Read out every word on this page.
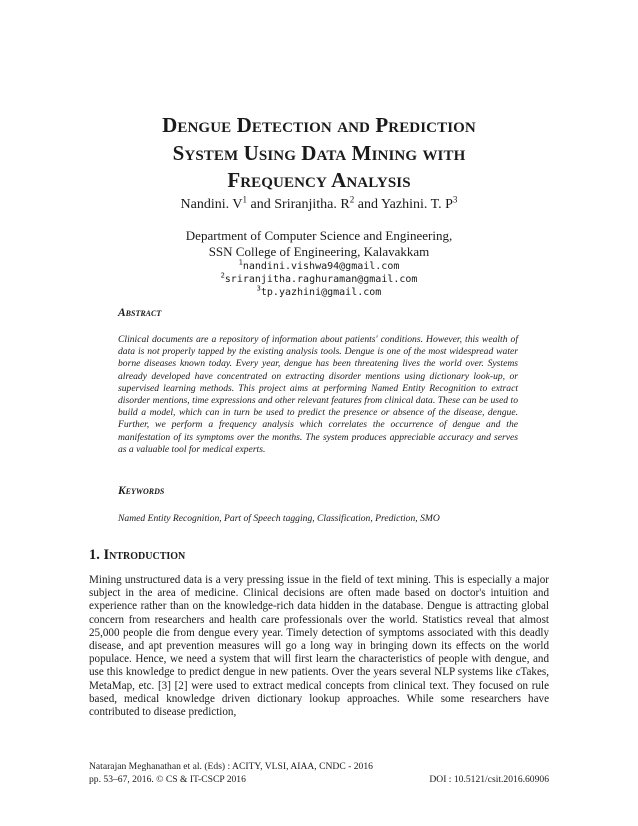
Dengue Detection and Prediction
System Using Data Mining with
Frequency Analysis

Nandini. $V^1$ and Sriranjitha. $R^2$ and Yazhini. T. $P^3$

Department of Computer Science and Engineering,
SSN College of Engineering, Kalavakkam
$^1$nandini.vishwa94@gmail.com
$^2$sriranjitha.raghuraman@gmail.com
$^3$tp.yazhini@gmail.com
Abstract

Clinical documents are a repository of information about patients' conditions. However, this wealth of data is not properly tapped by the existing analysis tools. Dengue is one of the most widespread water borne diseases known today. Every year, dengue has been threatening lives the world over. Systems already developed have concentrated on extracting disorder mentions using dictionary look-up, or supervised learning methods. This project aims at performing Named Entity Recognition to extract disorder mentions, time expressions and other relevant features from clinical data. These can be used to build a model, which can in turn be used to predict the presence or absence of the disease, dengue. Further, we perform a frequency analysis which correlates the occurrence of dengue and the manifestation of its symptoms over the months. The system produces appreciable accuracy and serves as a valuable tool for medical experts.

Keywords

Named Entity Recognition, Part of Speech tagging, Classification, Prediction, SMO

1. Introduction

Mining unstructured data is a very pressing issue in the field of text mining. This is especially a major subject in the area of medicine. Clinical decisions are often made based on doctor's intuition and experience rather than on the knowledge-rich data hidden in the database. Dengue is attracting global concern from researchers and health care professionals over the world. Statistics reveal that almost 25,000 people die from dengue every year. Timely detection of symptoms associated with this deadly disease, and apt prevention measures will go a long way in bringing down its effects on the world populace. Hence, we need a system that will first learn the characteristics of people with dengue, and use this knowledge to predict dengue in new patients. Over the years several NLP systems like cTakes, MetaMap, etc. [3] [2] were used to extract medical concepts from clinical text. They focused on rule based, medical knowledge driven dictionary lookup approaches. While some researchers have contributed to disease prediction,

Natarajan Meghanathan et al. (Eds) : ACITY, VLSI, AIAA, CNDC - 2016
pp. 53–67, 2016. © CS & IT-CSCP 2016	DOI : 10.5121/csit.2016.60906
